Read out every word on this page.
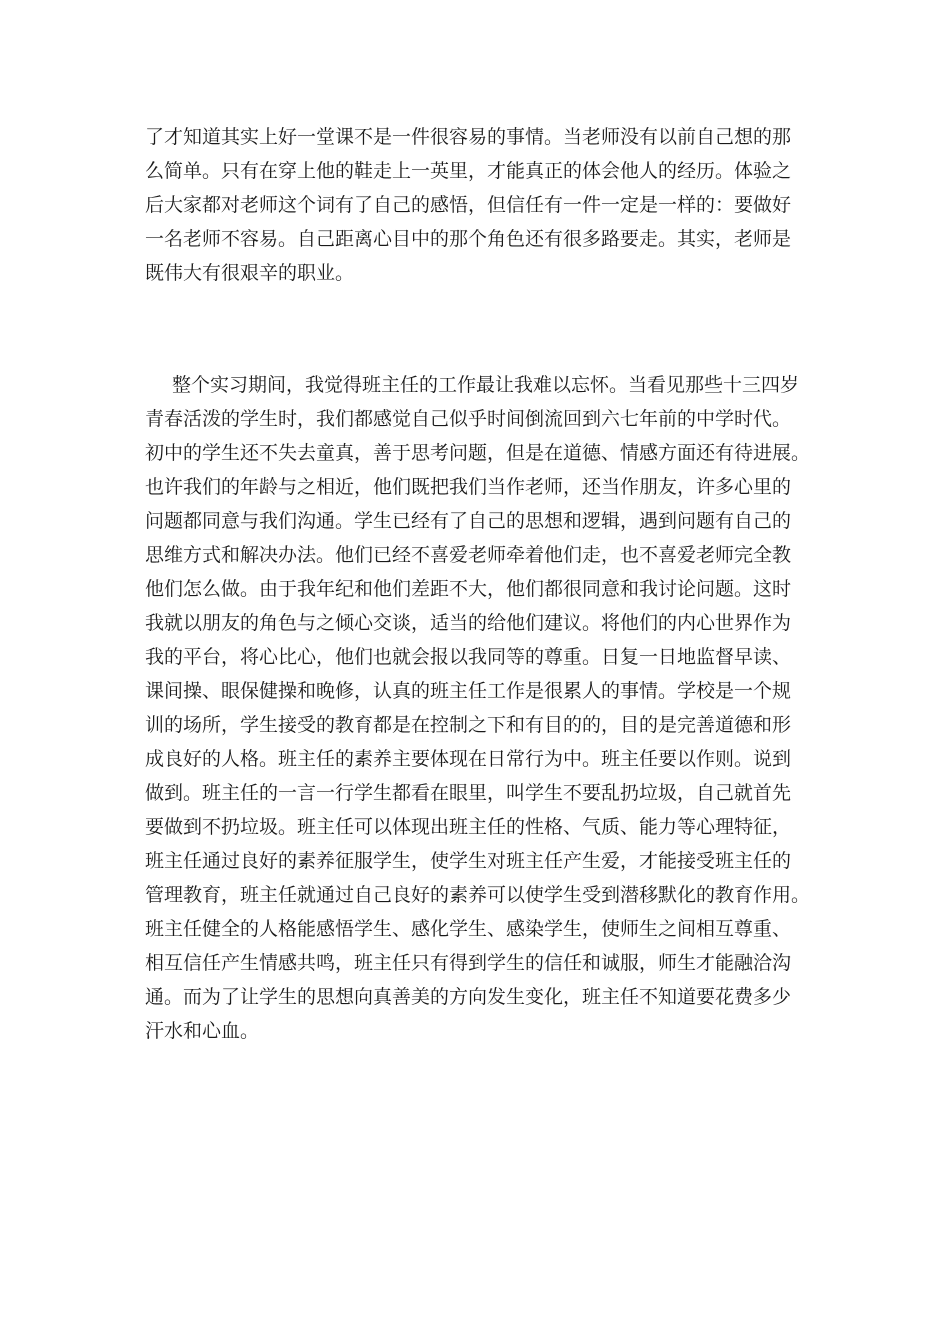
了才知道其实上好一堂课不是一件很容易的事情。当老师没有以前自己想的那
么简单。只有在穿上他的鞋走上一英里，才能真正的体会他人的经历。体验之
后大家都对老师这个词有了自己的感悟，但信任有一件一定是一样的：要做好
一名老师不容易。自己距离心目中的那个角色还有很多路要走。其实，老师是
既伟大有很艰辛的职业。
整个实习期间，我觉得班主任的工作最让我难以忘怀。当看见那些十三四岁
青春活泼的学生时，我们都感觉自己似乎时间倒流回到六七年前的中学时代。
初中的学生还不失去童真，善于思考问题，但是在道德、情感方面还有待进展。
也许我们的年龄与之相近，他们既把我们当作老师，还当作朋友，许多心里的
问题都同意与我们沟通。学生已经有了自己的思想和逻辑，遇到问题有自己的
思维方式和解决办法。他们已经不喜爱老师牵着他们走，也不喜爱老师完全教
他们怎么做。由于我年纪和他们差距不大，他们都很同意和我讨论问题。这时
我就以朋友的角色与之倾心交谈，适当的给他们建议。将他们的内心世界作为
我的平台，将心比心，他们也就会报以我同等的尊重。日复一日地监督早读、
课间操、眼保健操和晚修，认真的班主任工作是很累人的事情。学校是一个规
训的场所，学生接受的教育都是在控制之下和有目的的，目的是完善道德和形
成良好的人格。班主任的素养主要体现在日常行为中。班主任要以作则。说到
做到。班主任的一言一行学生都看在眼里，叫学生不要乱扔垃圾，自己就首先
要做到不扔垃圾。班主任可以体现出班主任的性格、气质、能力等心理特征，
班主任通过良好的素养征服学生，使学生对班主任产生爱，才能接受班主任的
管理教育，班主任就通过自己良好的素养可以使学生受到潜移默化的教育作用。
班主任健全的人格能感悟学生、感化学生、感染学生，使师生之间相互尊重、
相互信任产生情感共鸣，班主任只有得到学生的信任和诚服，师生才能融洽沟
通。而为了让学生的思想向真善美的方向发生变化，班主任不知道要花费多少
汗水和心血。
